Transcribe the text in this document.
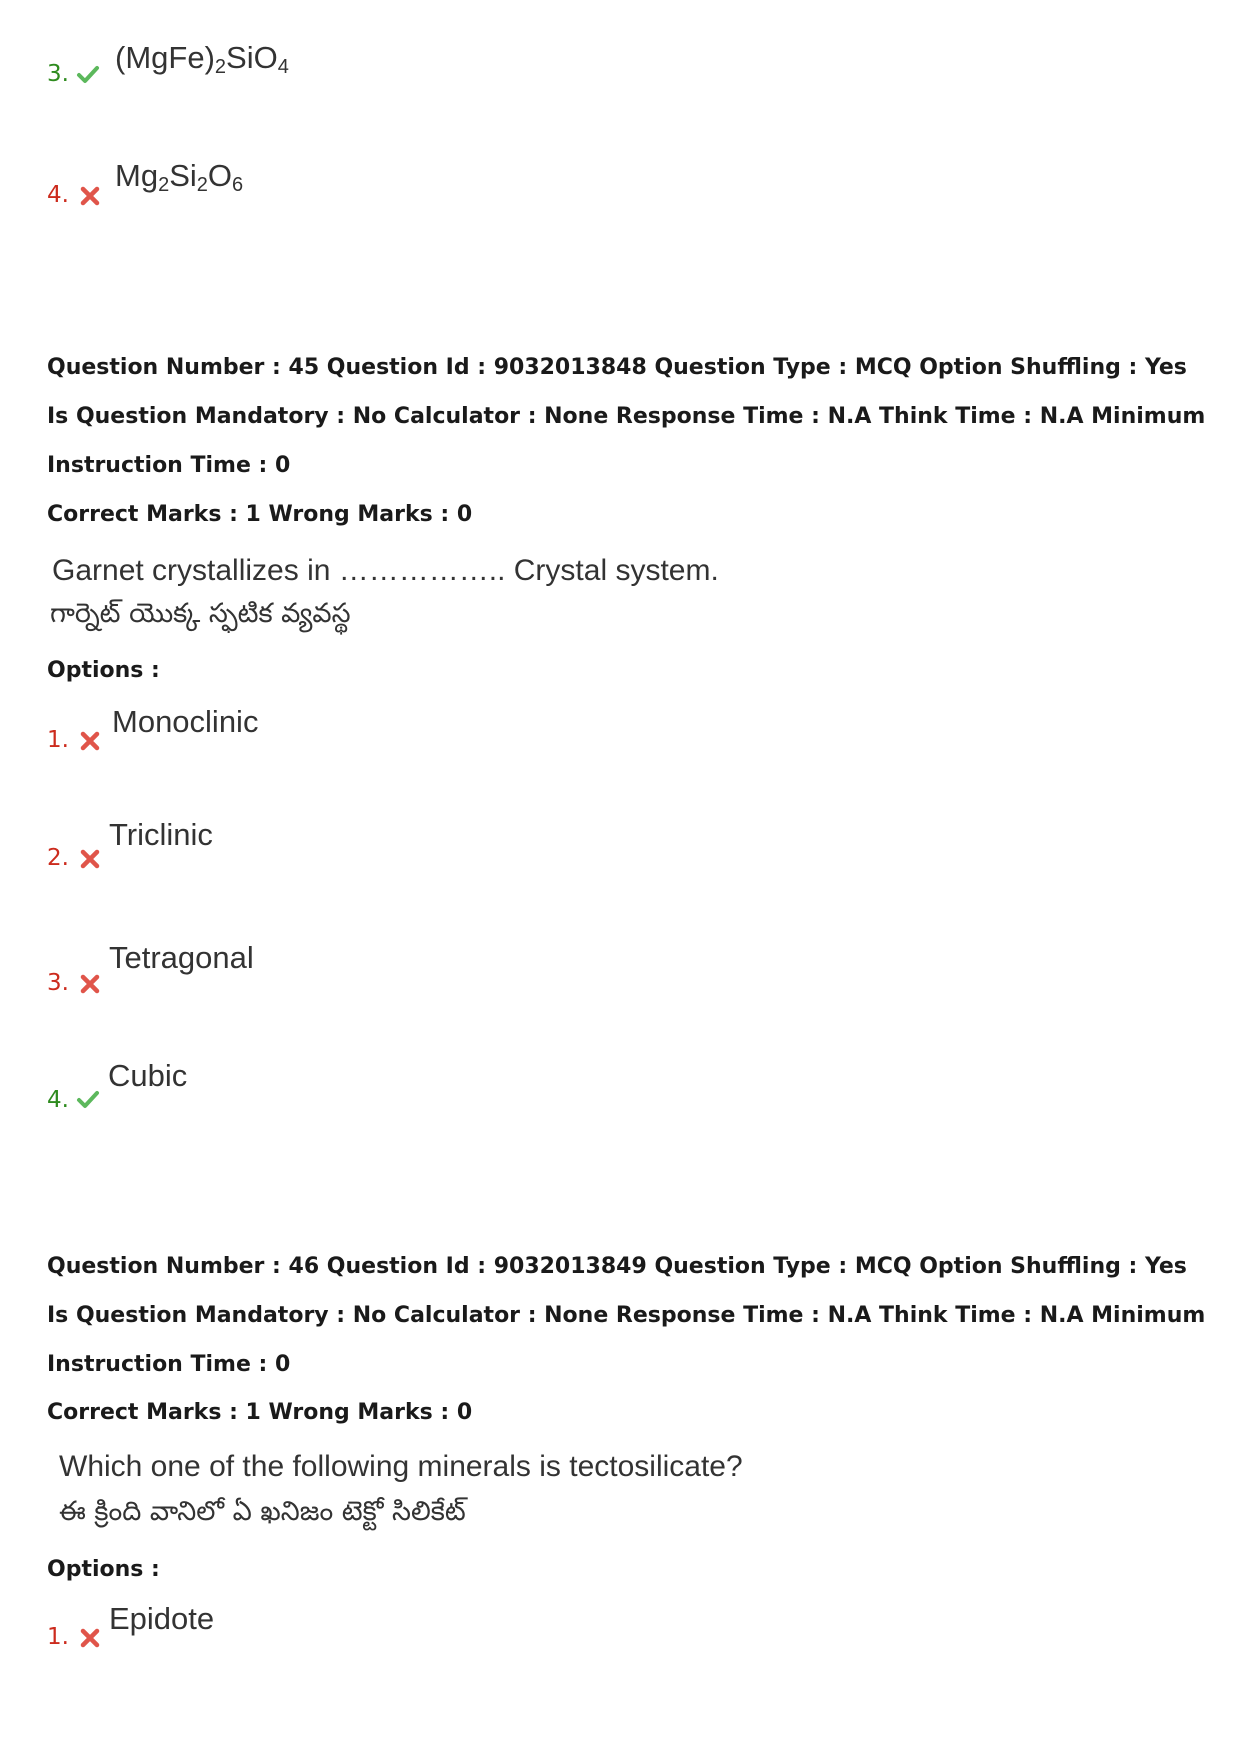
3. $(MgFe)_2SiO_4$
4.
$Mg_2Si_2O_6$
Question Number : 45 Question Id : 9032013848 Question Type : MCQ Option Shuffling : Yes Is Question Mandatory : No Calculator : None Response Time : N.A Think Time : N.A Minimum Instruction Time : 0
Correct Marks : 1 Wrong Marks : 0
Garnet crystallizes in …………….. Crystal system.
గార్నెట్ యొక్క స్ఫటిక వ్యవస్థ
Options :
1.
Monoclinic
2.
Triclinic
3.
Tetragonal
4.
Cubic
Question Number : 46 Question Id : 9032013849 Question Type : MCQ Option Shuffling : Yes Is Question Mandatory : No Calculator : None Response Time : N.A Think Time : N.A Minimum Instruction Time : 0
Correct Marks : 1 Wrong Marks : 0
Which one of the following minerals is tectosilicate?
ఈ క్రింది వానిలో ఏ ఖనిజం టెక్టో సిలికేట్
Options :
1.
Epidote
